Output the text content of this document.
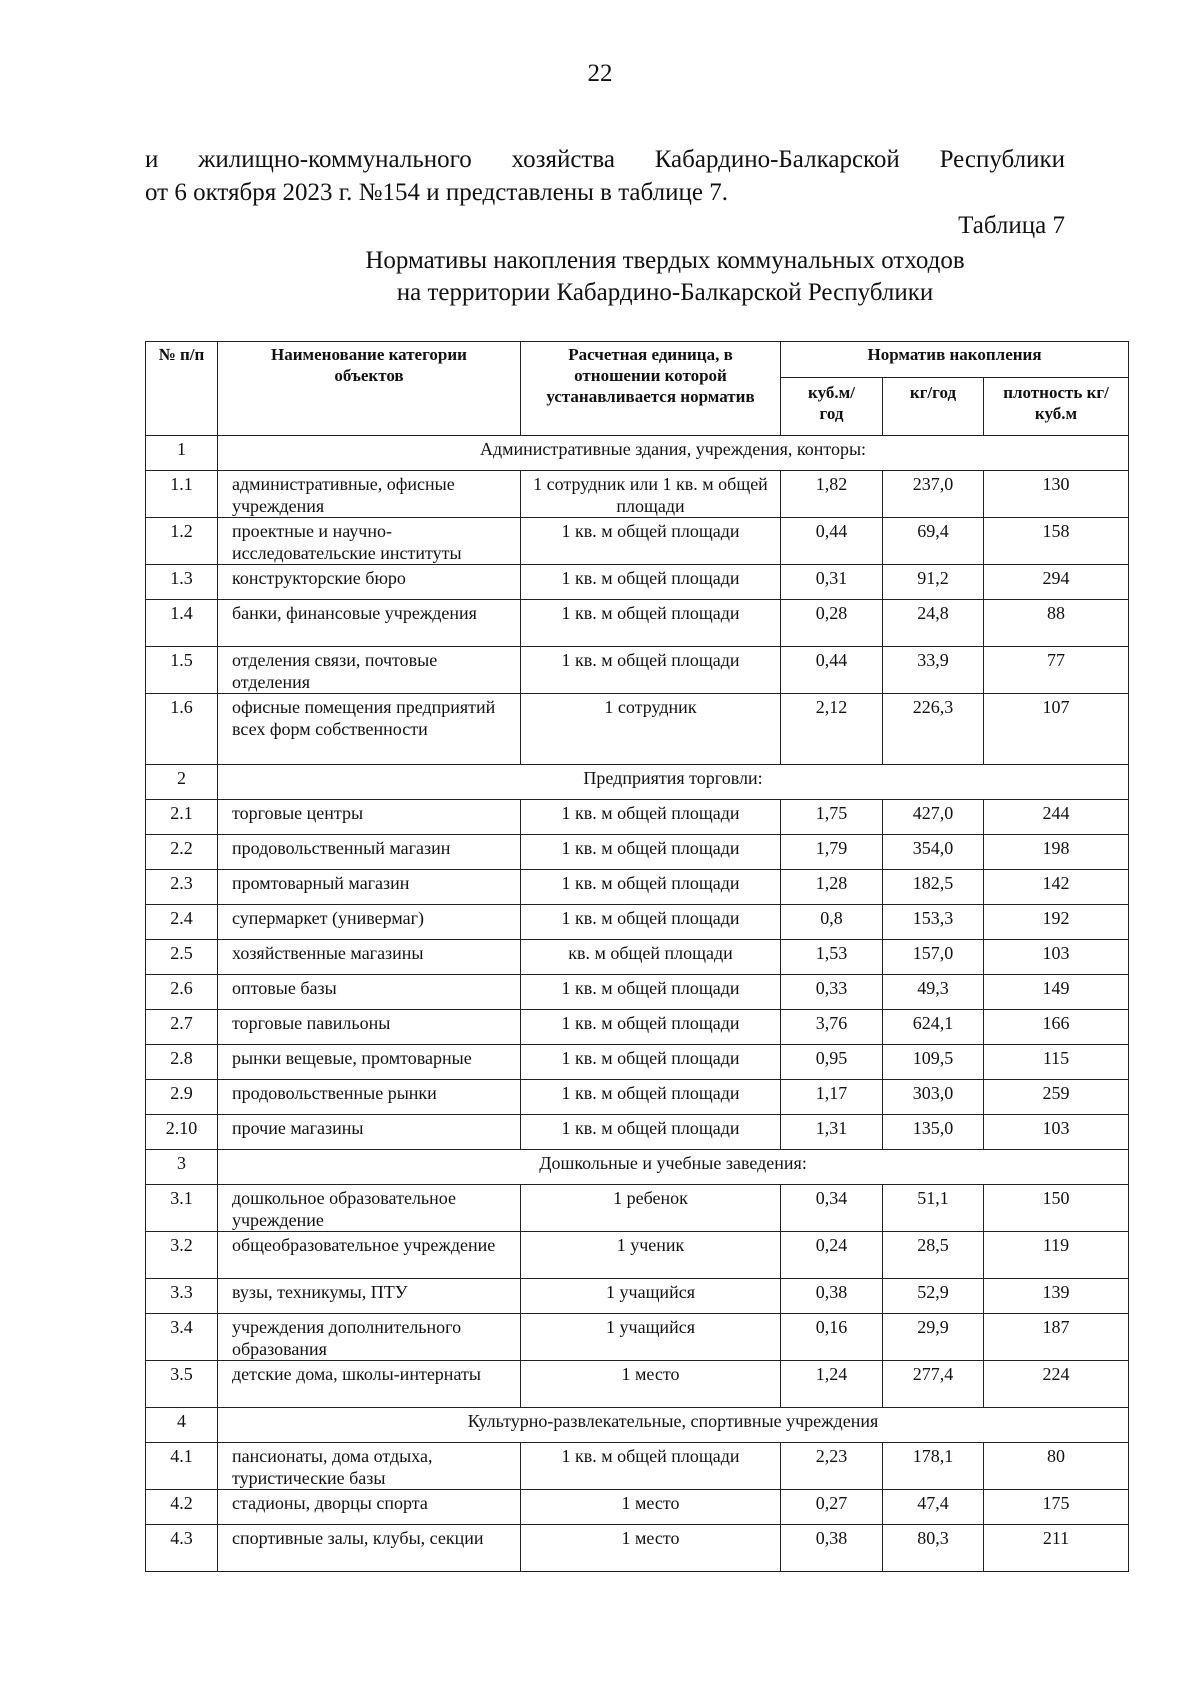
22
и жилищно-коммунального хозяйства Кабардино-Балкарской Республики
от 6 октября 2023 г. №154 и представлены в таблице 7.
Таблица 7
Нормативы накопления твердых коммунальных отходов
на территории Кабардино-Балкарской Республики
№ п/п	Наименование категории объектов	Расчетная единица, в отношении которой устанавливается норматив	Норматив накопления		
			куб.м/ год	кг/год	плотность кг/куб.м
1	Административные здания, учреждения, конторы:				
1.1	административные, офисные учреждения	1 сотрудник или 1 кв. м общей площади	1,82	237,0	130
1.2	проектные и научно-исследовательские институты	1 кв. м общей площади	0,44	69,4	158
1.3	конструкторские бюро	1 кв. м общей площади	0,31	91,2	294
1.4	банки, финансовые учреждения	1 кв. м общей площади	0,28	24,8	88
1.5	отделения связи, почтовые отделения	1 кв. м общей площади	0,44	33,9	77
1.6	офисные помещения предприятий всех форм собственности	1 сотрудник	2,12	226,3	107
2	Предприятия торговли:				
2.1	торговые центры	1 кв. м общей площади	1,75	427,0	244
2.2	продовольственный магазин	1 кв. м общей площади	1,79	354,0	198
2.3	промтоварный магазин	1 кв. м общей площади	1,28	182,5	142
2.4	супермаркет (универмаг)	1 кв. м общей площади	0,8	153,3	192
2.5	хозяйственные магазины	кв. м общей площади	1,53	157,0	103
2.6	оптовые базы	1 кв. м общей площади	0,33	49,3	149
2.7	торговые павильоны	1 кв. м общей площади	3,76	624,1	166
2.8	рынки вещевые, промтоварные	1 кв. м общей площади	0,95	109,5	115
2.9	продовольственные рынки	1 кв. м общей площади	1,17	303,0	259
2.10	прочие магазины	1 кв. м общей площади	1,31	135,0	103
3	Дошкольные и учебные заведения:				
3.1	дошкольное образовательное учреждение	1 ребенок	0,34	51,1	150
3.2	общеобразовательное учреждение	1 ученик	0,24	28,5	119
3.3	вузы, техникумы, ПТУ	1 учащийся	0,38	52,9	139
3.4	учреждения дополнительного образования	1 учащийся	0,16	29,9	187
3.5	детские дома, школы-интернаты	1 место	1,24	277,4	224
4	Культурно-развлекательные, спортивные учреждения				
4.1	пансионаты, дома отдыха, туристические базы	1 кв. м общей площади	2,23	178,1	80
4.2	стадионы, дворцы спорта	1 место	0,27	47,4	175
4.3	спортивные залы, клубы, секции	1 место	0,38	80,3	211
